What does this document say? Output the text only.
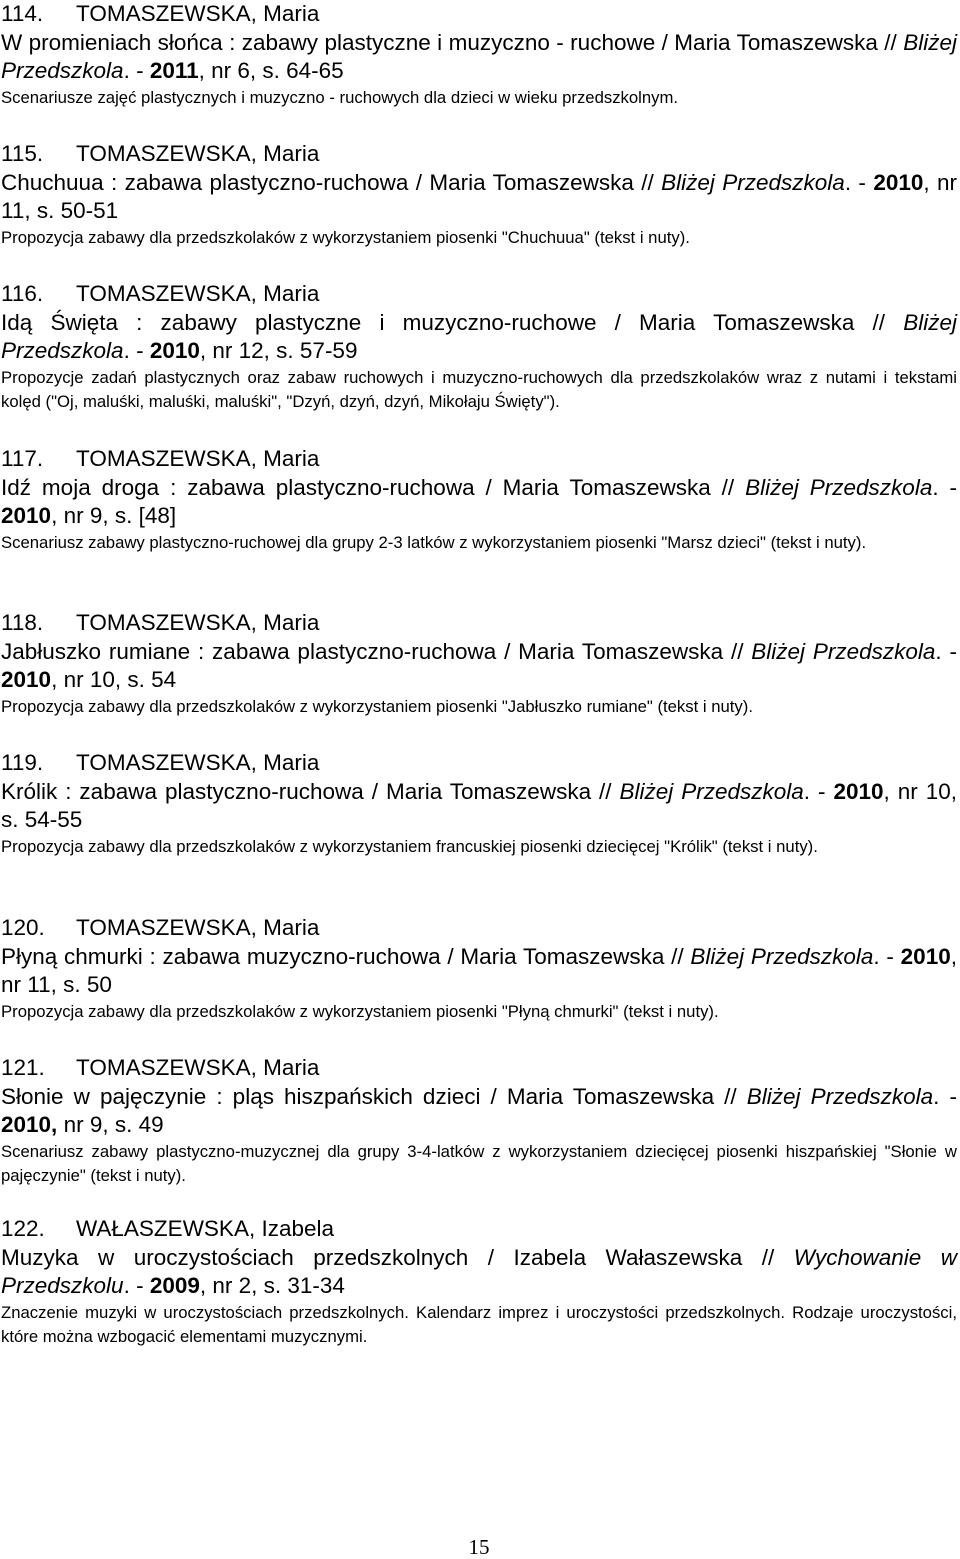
114. TOMASZEWSKA, Maria

W promieniach słońca : zabawy plastyczne i muzyczno - ruchowe / Maria Tomaszewska // Bliżej Przedszkola. - 2011, nr 6, s. 64-65

Scenariusze zajęć plastycznych i muzyczno - ruchowych dla dzieci w wieku przedszkolnym.

115. TOMASZEWSKA, Maria

Chuchuua : zabawa plastyczno-ruchowa / Maria Tomaszewska // Bliżej Przedszkola. - 2010, nr 11, s. 50-51

Propozycja zabawy dla przedszkolaków z wykorzystaniem piosenki "Chuchuua" (tekst i nuty).

116. TOMASZEWSKA, Maria

Idą Święta : zabawy plastyczne i muzyczno-ruchowe / Maria Tomaszewska // Bliżej Przedszkola. - 2010, nr 12, s. 57-59

Propozycje zadań plastycznych oraz zabaw ruchowych i muzyczno-ruchowych dla przedszkolaków wraz z nutami i tekstami kolęd ("Oj, maluśki, maluśki, maluśki", "Dzyń, dzyń, dzyń, Mikołaju Święty").

117. TOMASZEWSKA, Maria

Idź moja droga : zabawa plastyczno-ruchowa / Maria Tomaszewska // Bliżej Przedszkola. - 2010, nr 9, s. [48]

Scenariusz zabawy plastyczno-ruchowej dla grupy 2-3 latków z wykorzystaniem piosenki "Marsz dzieci" (tekst i nuty).

118. TOMASZEWSKA, Maria

Jabłuszko rumiane : zabawa plastyczno-ruchowa / Maria Tomaszewska // Bliżej Przedszkola. - 2010, nr 10, s. 54

Propozycja zabawy dla przedszkolaków z wykorzystaniem piosenki "Jabłuszko rumiane" (tekst i nuty).

119. TOMASZEWSKA, Maria

Królik : zabawa plastyczno-ruchowa / Maria Tomaszewska // Bliżej Przedszkola. - 2010, nr 10, s. 54-55

Propozycja zabawy dla przedszkolaków z wykorzystaniem francuskiej piosenki dziecięcej "Królik" (tekst i nuty).

120. TOMASZEWSKA, Maria

Płyną chmurki : zabawa muzyczno-ruchowa / Maria Tomaszewska // Bliżej Przedszkola. - 2010, nr 11, s. 50

Propozycja zabawy dla przedszkolaków z wykorzystaniem piosenki "Płyną chmurki" (tekst i nuty).

121. TOMASZEWSKA, Maria

Słonie w pajęczynie : pląs hiszpańskich dzieci / Maria Tomaszewska // Bliżej Przedszkola. - 2010, nr 9, s. 49

Scenariusz zabawy plastyczno-muzycznej dla grupy 3-4-latków z wykorzystaniem dziecięcej piosenki hiszpańskiej "Słonie w pajęczynie" (tekst i nuty).

122. WAŁASZEWSKA, Izabela

Muzyka w uroczystościach przedszkolnych / Izabela Wałaszewska // Wychowanie w Przedszkolu. - 2009, nr 2, s. 31-34

Znaczenie muzyki w uroczystościach przedszkolnych. Kalendarz imprez i uroczystości przedszkolnych. Rodzaje uroczystości, które można wzbogacić elementami muzycznymi.

15
